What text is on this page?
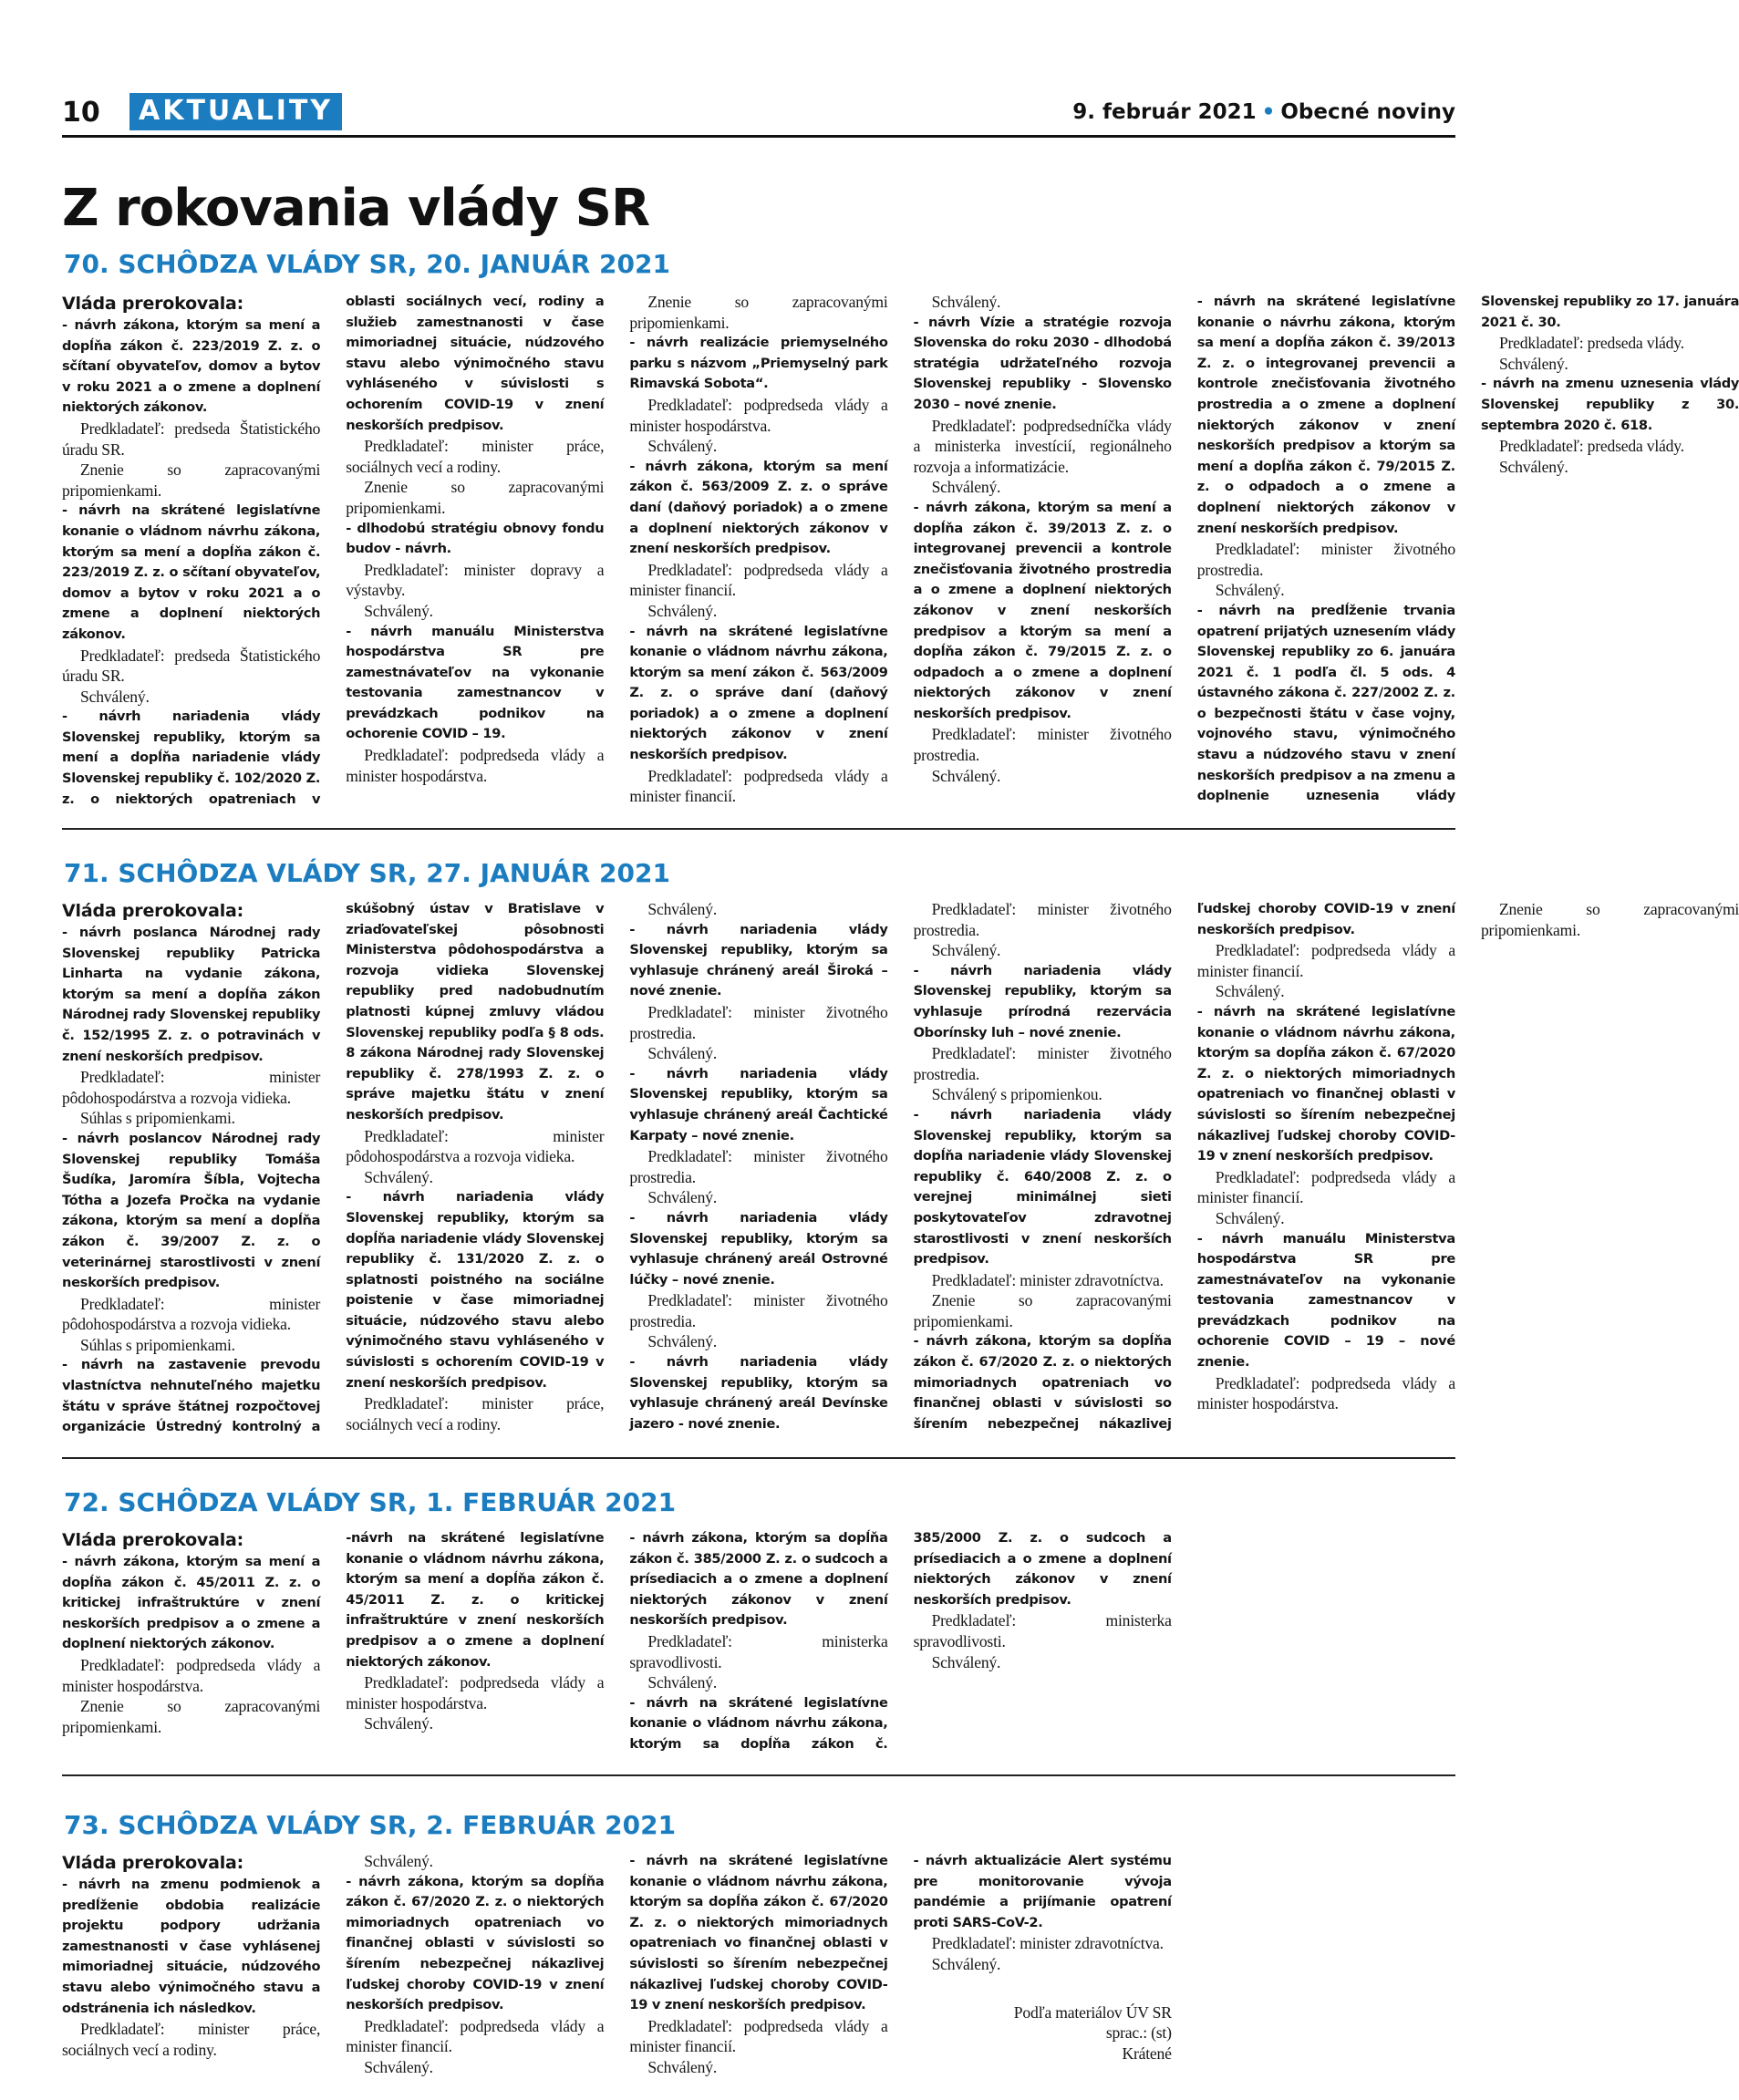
10	AKTUALITY	9. február 2021 • Obecné noviny
Z rokovania vlády SR
70. SCHÔDZA VLÁDY SR, 20. JANUÁR 2021

Vláda prerokovala:

- návrh zákona, ktorým sa mení a dopĺňa zákon č. 223/2019 Z. z. o sčítaní obyvateľov, domov a bytov v roku 2021 a o zmene a doplnení niektorých zákonov.

Predkladateľ: predseda Štatistického úradu SR.

Znenie so zapracovanými pripomienkami.

- návrh na skrátené legislatívne konanie o vládnom návrhu zákona, ktorým sa mení a dopĺňa zákon č. 223/2019 Z. z. o sčítaní obyvateľov, domov a bytov v roku 2021 a o zmene a doplnení niektorých zákonov.

Predkladateľ: predseda Štatistického úradu SR.

Schválený.

- návrh nariadenia vlády Slovenskej republiky, ktorým sa mení a dopĺňa nariadenie vlády Slovenskej republiky č. 102/2020 Z. z. o niektorých opatreniach v oblasti sociálnych vecí, rodiny a služieb zamestnanosti v čase mimoriadnej situácie, núdzového stavu alebo výnimočného stavu vyhláseného v súvislosti s ochorením COVID-19 v znení neskorších predpisov.

Predkladateľ: minister práce, sociálnych vecí a rodiny.

Znenie so zapracovanými pripomienkami.

- dlhodobú stratégiu obnovy fondu budov - návrh.

Predkladateľ: minister dopravy a výstavby.

Schválený.

- návrh manuálu Ministerstva hospodárstva SR pre zamestnávateľov na vykonanie testovania zamestnancov v prevádzkach podnikov na ochorenie COVID – 19.

Predkladateľ: podpredseda vlády a minister hospodárstva.

Znenie so zapracovanými pripomienkami.

- návrh realizácie priemyselného parku s názvom „Priemyselný park Rimavská Sobota“.

Predkladateľ: podpredseda vlády a minister hospodárstva.

Schválený.

- návrh zákona, ktorým sa mení zákon č. 563/2009 Z. z. o správe daní (daňový poriadok) a o zmene a doplnení niektorých zákonov v znení neskorších predpisov.

Predkladateľ: podpredseda vlády a minister financií.

Schválený.

- návrh na skrátené legislatívne konanie o vládnom návrhu zákona, ktorým sa mení zákon č. 563/2009 Z. z. o správe daní (daňový poriadok) a o zmene a doplnení niektorých zákonov v znení neskorších predpisov.

Predkladateľ: podpredseda vlády a minister financií.

Schválený.

- návrh Vízie a stratégie rozvoja Slovenska do roku 2030 - dlhodobá stratégia udržateľného rozvoja Slovenskej republiky - Slovensko 2030 – nové znenie.

Predkladateľ: podpredsedníčka vlády a ministerka investícií, regionálneho rozvoja a informatizácie.

Schválený.

- návrh zákona, ktorým sa mení a dopĺňa zákon č. 39/2013 Z. z. o integrovanej prevencii a kontrole znečisťovania životného prostredia a o zmene a doplnení niektorých zákonov v znení neskorších predpisov a ktorým sa mení a dopĺňa zákon č. 79/2015 Z. z. o odpadoch a o zmene a doplnení niektorých zákonov v znení neskorších predpisov.

Predkladateľ: minister životného prostredia.

Schválený.

- návrh na skrátené legislatívne konanie o návrhu zákona, ktorým sa mení a dopĺňa zákon č. 39/2013 Z. z. o integrovanej prevencii a kontrole znečisťovania životného prostredia a o zmene a doplnení niektorých zákonov v znení neskorších predpisov a ktorým sa mení a dopĺňa zákon č. 79/2015 Z. z. o odpadoch a o zmene a doplnení niektorých zákonov v znení neskorších predpisov.

Predkladateľ: minister životného prostredia.

Schválený.

- návrh na predĺženie trvania opatrení prijatých uznesením vlády Slovenskej republiky zo 6. januára 2021 č. 1 podľa čl. 5 ods. 4 ústavného zákona č. 227/2002 Z. z. o bezpečnosti štátu v čase vojny, vojnového stavu, výnimočného stavu a núdzového stavu v znení neskorších predpisov a na zmenu a doplnenie uznesenia vlády Slovenskej republiky zo 17. januára 2021 č. 30.

Predkladateľ: predseda vlády.

Schválený.

- návrh na zmenu uznesenia vlády Slovenskej republiky z 30. septembra 2020 č. 618.

Predkladateľ: predseda vlády.

Schválený.

71. SCHÔDZA VLÁDY SR, 27. JANUÁR 2021

Vláda prerokovala:

- návrh poslanca Národnej rady Slovenskej republiky Patricka Linharta na vydanie zákona, ktorým sa mení a dopĺňa zákon Národnej rady Slovenskej republiky č. 152/1995 Z. z. o potravinách v znení neskorších predpisov.

Predkladateľ: minister pôdohospodárstva a rozvoja vidieka.

Súhlas s pripomienkami.

- návrh poslancov Národnej rady Slovenskej republiky Tomáša Šudíka, Jaromíra Šíbla, Vojtecha Tótha a Jozefa Pročka na vydanie zákona, ktorým sa mení a dopĺňa zákon č. 39/2007 Z. z. o veterinárnej starostlivosti v znení neskorších predpisov.

Predkladateľ: minister pôdohospodárstva a rozvoja vidieka.

Súhlas s pripomienkami.

- návrh na zastavenie prevodu vlastníctva nehnuteľného majetku štátu v správe štátnej rozpočtovej organizácie Ústredný kontrolný a skúšobný ústav v Bratislave v zriaďovateľskej pôsobnosti Ministerstva pôdohospodárstva a rozvoja vidieka Slovenskej republiky pred nadobudnutím platnosti kúpnej zmluvy vládou Slovenskej republiky podľa § 8 ods. 8 zákona Národnej rady Slovenskej republiky č. 278/1993 Z. z. o správe majetku štátu v znení neskorších predpisov.

Predkladateľ: minister pôdohospodárstva a rozvoja vidieka.

Schválený.

- návrh nariadenia vlády Slovenskej republiky, ktorým sa dopĺňa nariadenie vlády Slovenskej republiky č. 131/2020 Z. z. o splatnosti poistného na sociálne poistenie v čase mimoriadnej situácie, núdzového stavu alebo výnimočného stavu vyhláseného v súvislosti s ochorením COVID-19 v znení neskorších predpisov.

Predkladateľ: minister práce, sociálnych vecí a rodiny.

Schválený.

- návrh nariadenia vlády Slovenskej republiky, ktorým sa vyhlasuje chránený areál Široká – nové znenie.

Predkladateľ: minister životného prostredia.

Schválený.

- návrh nariadenia vlády Slovenskej republiky, ktorým sa vyhlasuje chránený areál Čachtické Karpaty – nové znenie.

Predkladateľ: minister životného prostredia.

Schválený.

- návrh nariadenia vlády Slovenskej republiky, ktorým sa vyhlasuje chránený areál Ostrovné lúčky – nové znenie.

Predkladateľ: minister životného prostredia.

Schválený.

- návrh nariadenia vlády Slovenskej republiky, ktorým sa vyhlasuje chránený areál Devínske jazero - nové znenie.

Predkladateľ: minister životného prostredia.

Schválený.

- návrh nariadenia vlády Slovenskej republiky, ktorým sa vyhlasuje prírodná rezervácia Oborínsky luh – nové znenie.

Predkladateľ: minister životného prostredia.

Schválený s pripomienkou.

- návrh nariadenia vlády Slovenskej republiky, ktorým sa dopĺňa nariadenie vlády Slovenskej republiky č. 640/2008 Z. z. o verejnej minimálnej sieti poskytovateľov zdravotnej starostlivosti v znení neskorších predpisov.

Predkladateľ: minister zdravotníctva.

Znenie so zapracovanými pripomienkami.

- návrh zákona, ktorým sa dopĺňa zákon č. 67/2020 Z. z. o niektorých mimoriadnych opatreniach vo finančnej oblasti v súvislosti so šírením nebezpečnej nákazlivej ľudskej choroby COVID-19 v znení neskorších predpisov.

Predkladateľ: podpredseda vlády a minister financií.

Schválený.

- návrh na skrátené legislatívne konanie o vládnom návrhu zákona, ktorým sa dopĺňa zákon č. 67/2020 Z. z. o niektorých mimoriadnych opatreniach vo finančnej oblasti v súvislosti so šírením nebezpečnej nákazlivej ľudskej choroby COVID-19 v znení neskorších predpisov.

Predkladateľ: podpredseda vlády a minister financií.

Schválený.

- návrh manuálu Ministerstva hospodárstva SR pre zamestnávateľov na vykonanie testovania zamestnancov v prevádzkach podnikov na ochorenie COVID – 19 – nové znenie.

Predkladateľ: podpredseda vlády a minister hospodárstva.

Znenie so zapracovanými pripomienkami.

72. SCHÔDZA VLÁDY SR, 1. FEBRUÁR 2021

Vláda prerokovala:

- návrh zákona, ktorým sa mení a dopĺňa zákon č. 45/2011 Z. z. o kritickej infraštruktúre v znení neskorších predpisov a o zmene a doplnení niektorých zákonov.

Predkladateľ: podpredseda vlády a minister hospodárstva.

Znenie so zapracovanými pripomienkami.

-návrh na skrátené legislatívne konanie o vládnom návrhu zákona, ktorým sa mení a dopĺňa zákon č. 45/2011 Z. z. o kritickej infraštruktúre v znení neskorších predpisov a o zmene a doplnení niektorých zákonov.

Predkladateľ: podpredseda vlády a minister hospodárstva.

Schválený.

- návrh zákona, ktorým sa dopĺňa zákon č. 385/2000 Z. z. o sudcoch a prísediacich a o zmene a doplnení niektorých zákonov v znení neskorších predpisov.

Predkladateľ: ministerka spravodlivosti.

Schválený.

- návrh na skrátené legislatívne konanie o vládnom návrhu zákona, ktorým sa dopĺňa zákon č. 385/2000 Z. z. o sudcoch a prísediacich a o zmene a doplnení niektorých zákonov v znení neskorších predpisov.

Predkladateľ: ministerka spravodlivosti.

Schválený.

73. SCHÔDZA VLÁDY SR, 2. FEBRUÁR 2021

Vláda prerokovala:

- návrh na zmenu podmienok a predĺženie obdobia realizácie projektu podpory udržania zamestnanosti v čase vyhlásenej mimoriadnej situácie, núdzového stavu alebo výnimočného stavu a odstránenia ich následkov.

Predkladateľ: minister práce, sociálnych vecí a rodiny.

Schválený.

- návrh zákona, ktorým sa dopĺňa zákon č. 67/2020 Z. z. o niektorých mimoriadnych opatreniach vo finančnej oblasti v súvislosti so šírením nebezpečnej nákazlivej ľudskej choroby COVID-19 v znení neskorších predpisov.

Predkladateľ: podpredseda vlády a minister financií.

Schválený.

- návrh na skrátené legislatívne konanie o vládnom návrhu zákona, ktorým sa dopĺňa zákon č. 67/2020 Z. z. o niektorých mimoriadnych opatreniach vo finančnej oblasti v súvislosti so šírením nebezpečnej nákazlivej ľudskej choroby COVID-19 v znení neskorších predpisov.

Predkladateľ: podpredseda vlády a minister financií.

Schválený.

- návrh aktualizácie Alert systému pre monitorovanie vývoja pandémie a prijímanie opatrení proti SARS-CoV-2.

Predkladateľ: minister zdravotníctva.

Schválený.

Podľa materiálov ÚV SR
sprac.: (st)
Krátené
